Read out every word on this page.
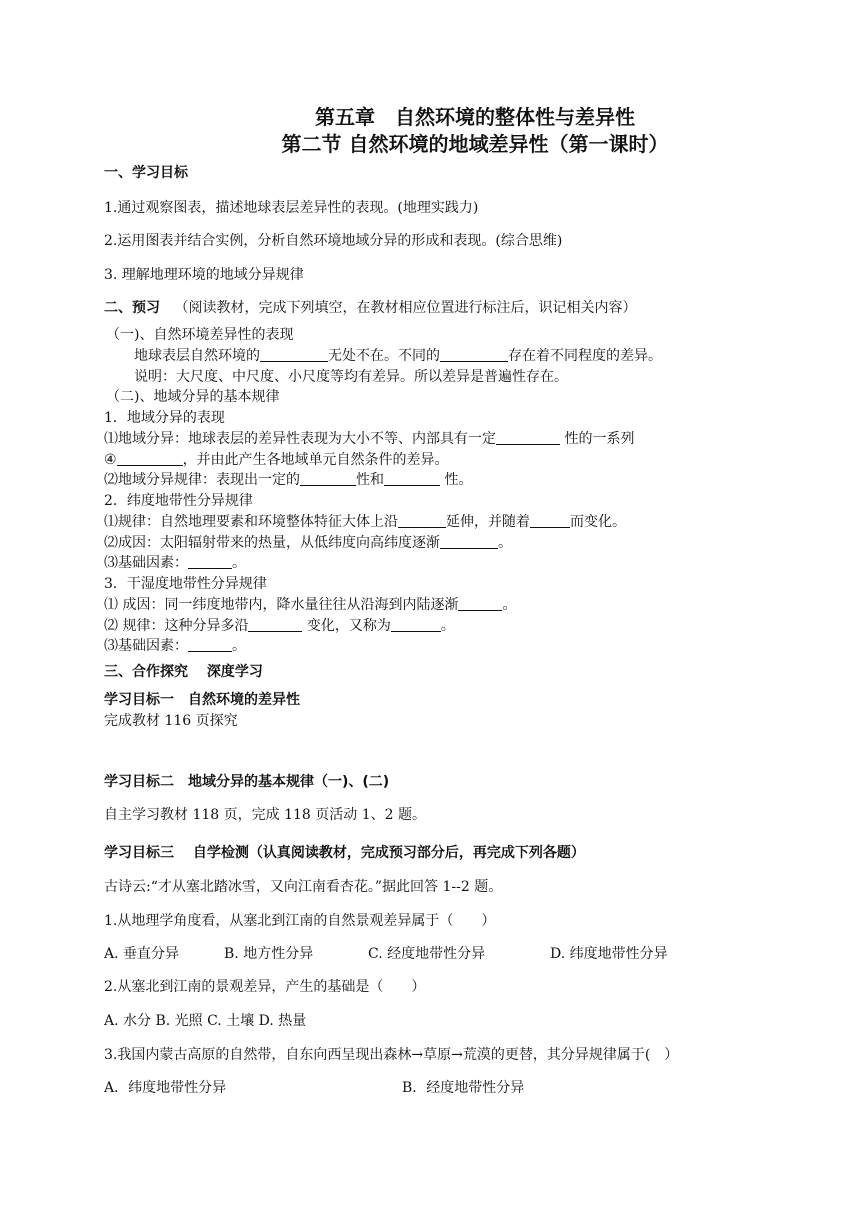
第五章　自然环境的整体性与差异性
第二节 自然环境的地域差异性（第一课时）
一、学习目标
1.通过观察图表，描述地球表层差异性的表现。(地理实践力)
2.运用图表并结合实例，分析自然环境地域分异的形成和表现。(综合思维)
3. 理解地理环境的地域分异规律
二、预习 （阅读教材，完成下列填空，在教材相应位置进行标注后，识记相关内容）
（一)、自然环境差异性的表现
地球表层自然环境的	无处不在。不同的	存在着不同程度的差异。
说明：大尺度、中尺度、小尺度等均有差异。所以差异是普遍性存在。
（二)、地域分异的基本规律
1．地域分异的表现
⑴地域分异：地球表层的差异性表现为大小不等、内部具有一定	性的一系列
④	，并由此产生各地域单元自然条件的差异。
⑵地域分异规律：表现出一定的	性和	性。
2．纬度地带性分异规律
⑴规律：自然地理要素和环境整体特征大体上沿	延伸，并随着	而变化。
⑵成因：太阳辐射带来的热量，从低纬度向高纬度逐渐	。
⑶基础因素：	。
3．干湿度地带性分异规律
⑴ 成因：同一纬度地带内，降水量往往从沿海到内陆逐渐	。
⑵ 规律：这种分异多沿	变化，又称为	。
⑶基础因素：	。
三、合作探究　 深度学习
学习目标一　自然环境的差异性
完成教材 116 页探究
学习目标二　地域分异的基本规律（一)、(二)
自主学习教材 118 页，完成 118 页活动 1、2 题。
学习目标三　 自学检测（认真阅读教材，完成预习部分后，再完成下列各题）
古诗云:“才从塞北踏冰雪，又向江南看杏花。”据此回答 1--2 题。
1.从地理学角度看，从塞北到江南的自然景观差异属于（　　）
A. 垂直分异	B. 地方性分异	C. 经度地带性分异	D. 纬度地带性分异
2.从塞北到江南的景观差异，产生的基础是（　　）
A. 水分 B. 光照 C. 土壤 D. 热量
3.我国内蒙古高原的自然带，自东向西呈现出森林→草原→荒漠的更替，其分异规律属于(　）
A．纬度地带性分异	B．经度地带性分异
